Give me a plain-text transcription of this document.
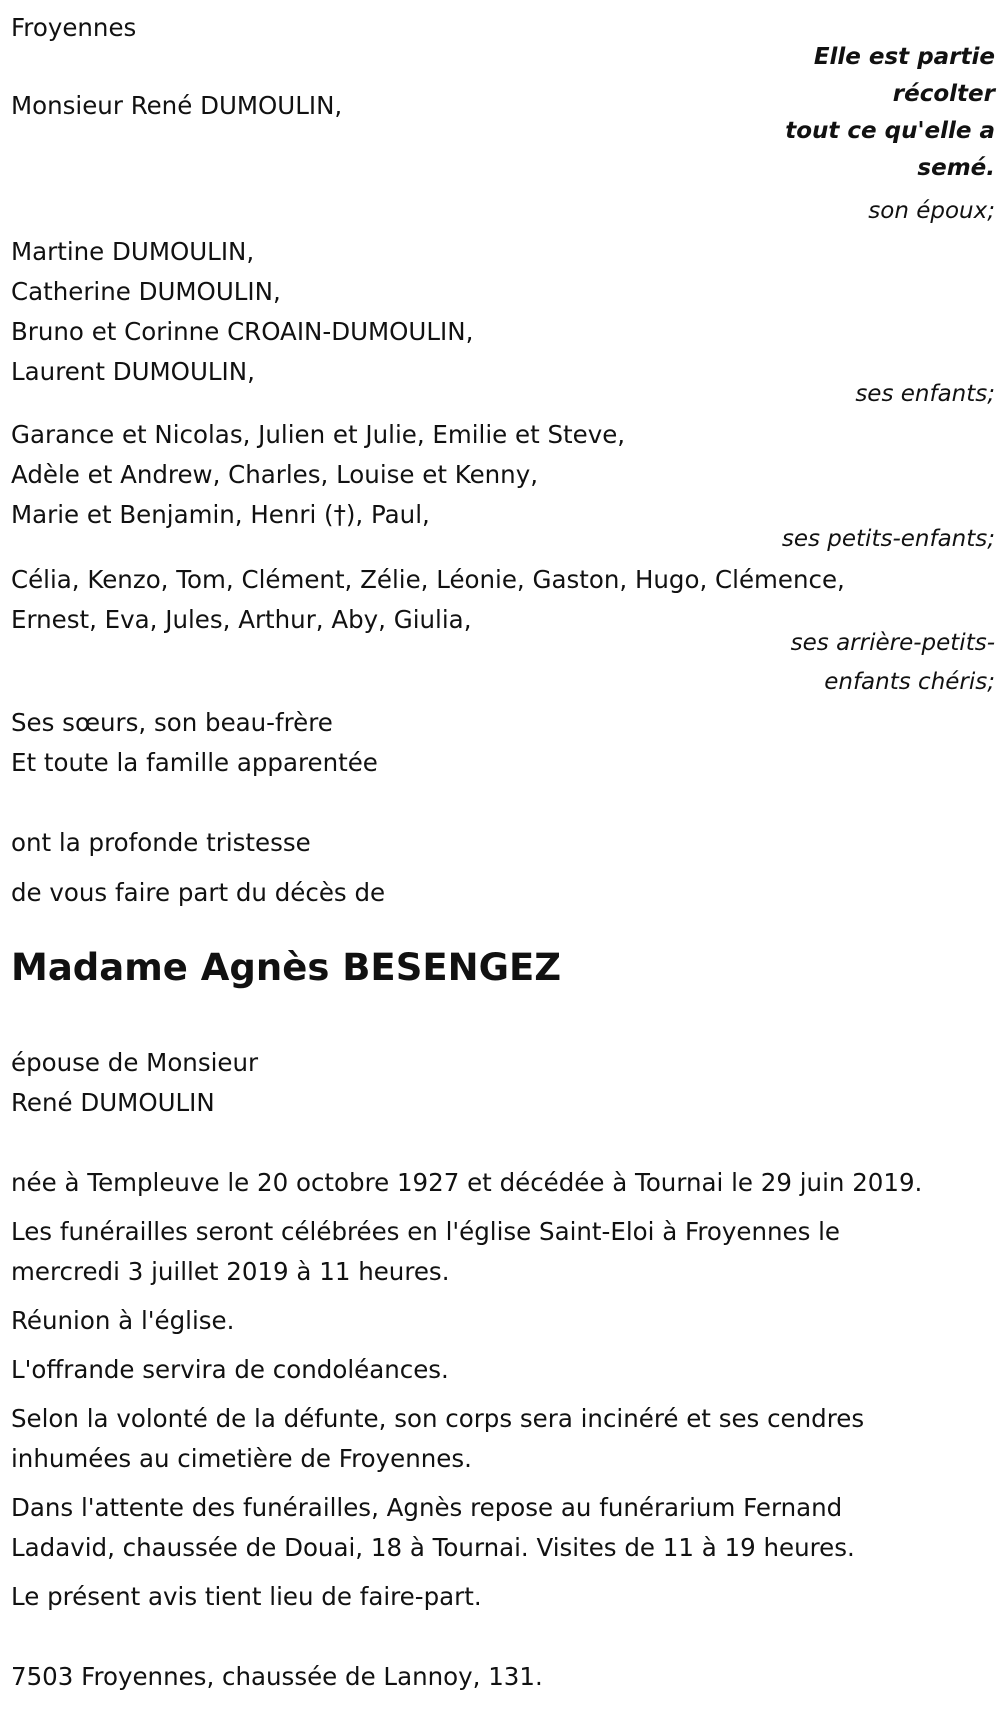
Froyennes

Elle est partie
récolter
tout ce qu'elle a
semé.

Monsieur René DUMOULIN,

son époux;

Martine DUMOULIN,

Catherine DUMOULIN,

Bruno et Corinne CROAIN-DUMOULIN,

Laurent DUMOULIN,

ses enfants;

Garance et Nicolas, Julien et Julie, Emilie et Steve,

Adèle et Andrew, Charles, Louise et Kenny,

Marie et Benjamin, Henri (†), Paul,

ses petits-enfants;

Célia, Kenzo, Tom, Clément, Zélie, Léonie, Gaston, Hugo, Clémence,

Ernest, Eva, Jules, Arthur, Aby, Giulia,

ses arrière-petits-

enfants chéris;

Ses sœurs, son beau-frère

Et toute la famille apparentée

ont la profonde tristesse

de vous faire part du décès de

Madame Agnès BESENGEZ

épouse de Monsieur

René DUMOULIN

née à Templeuve le 20 octobre 1927 et décédée à Tournai le 29 juin 2019.

Les funérailles seront célébrées en l'église Saint-Eloi à Froyennes le

mercredi 3 juillet 2019 à 11 heures.

Réunion à l'église.

L'offrande servira de condoléances.

Selon la volonté de la défunte, son corps sera incinéré et ses cendres

inhumées au cimetière de Froyennes.

Dans l'attente des funérailles, Agnès repose au funérarium Fernand

Ladavid, chaussée de Douai, 18 à Tournai. Visites de 11 à 19 heures.

Le présent avis tient lieu de faire-part.

7503 Froyennes, chaussée de Lannoy, 131.
